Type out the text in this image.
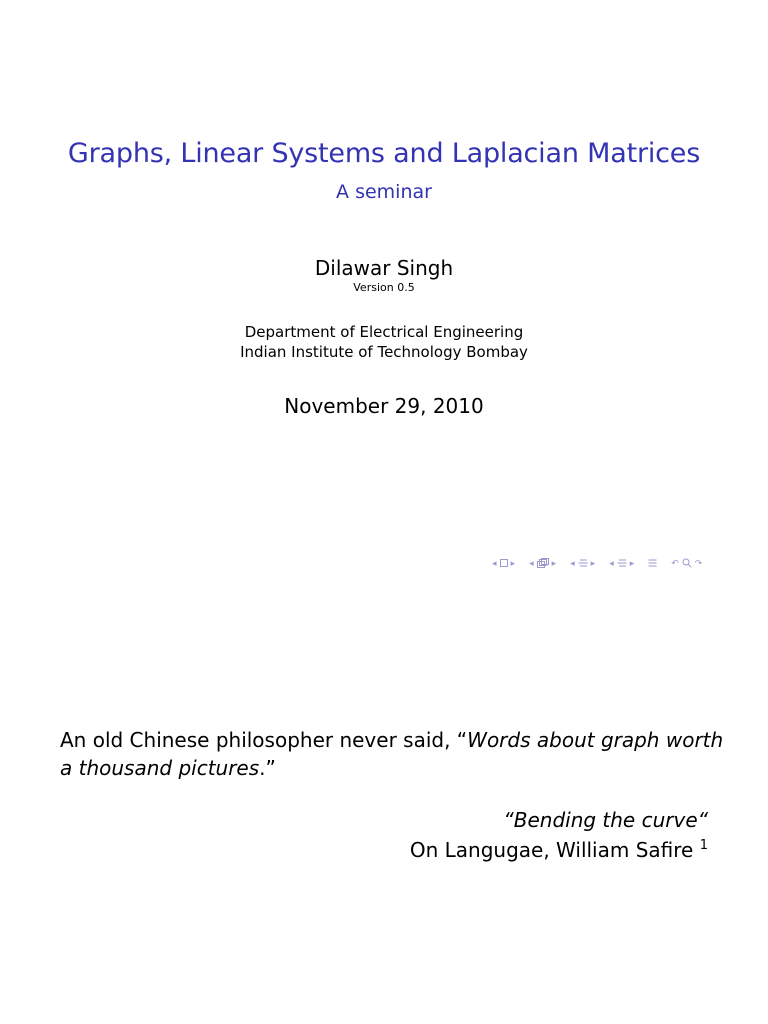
Graphs, Linear Systems and Laplacian Matrices
A seminar
Dilawar Singh
Version 0.5
Department of Electrical Engineering
Indian Institute of Technology Bombay
November 29, 2010
◂ ▸ ◂ ▸ ◂ ▸ ◂ ▸	↶ ↷
An old Chinese philosopher never said, “Words about graph worth
a thousand pictures.”
“Bending the curve“
On Langugae, William Safire $^1$
